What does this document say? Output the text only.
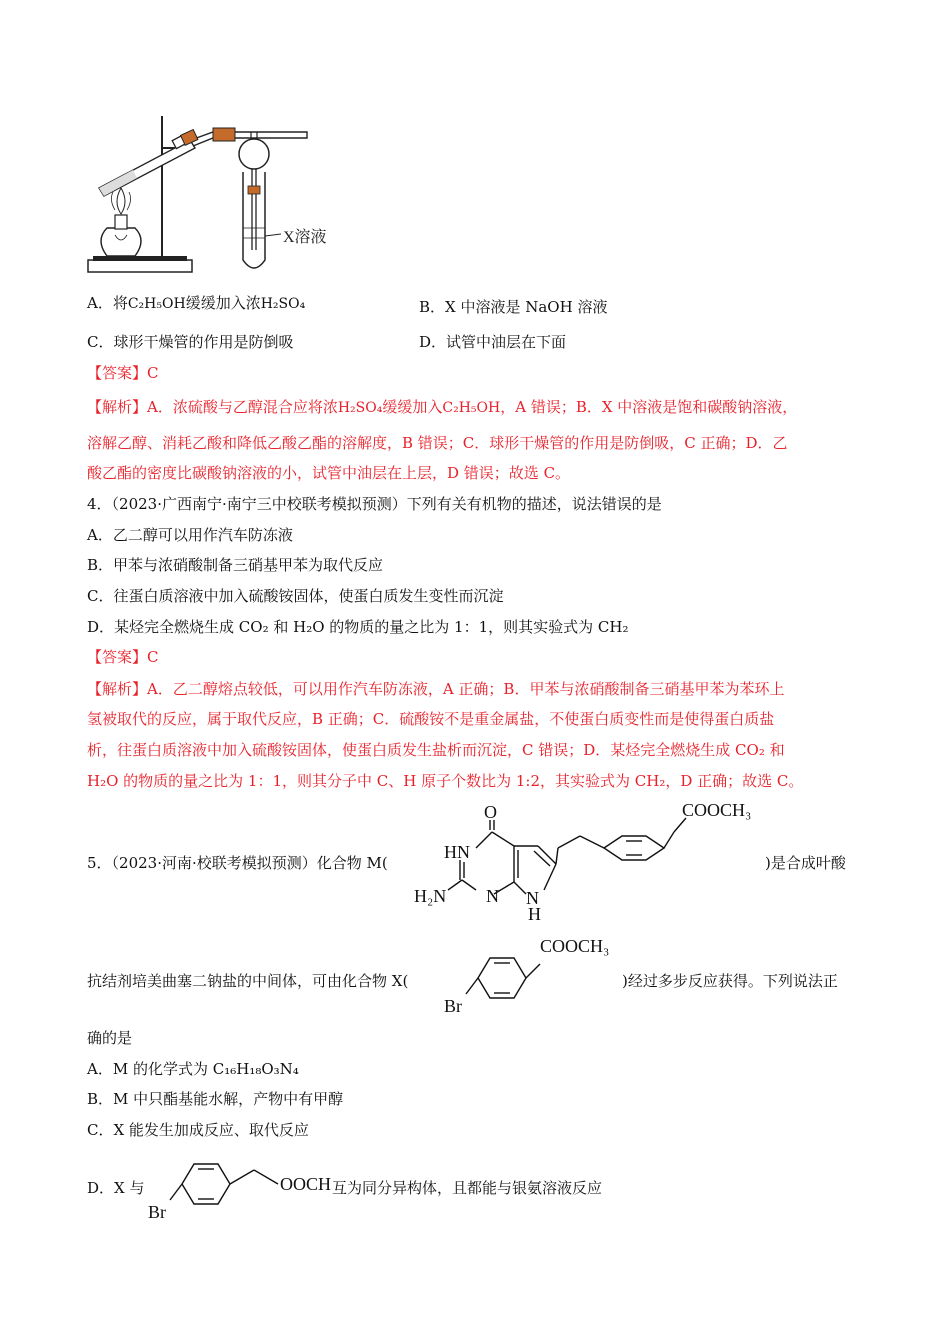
X溶液
A．将C₂H₅OH缓缓加入浓H₂SO₄	B．X 中溶液是 NaOH 溶液
C．球形干燥管的作用是防倒吸	D．试管中油层在下面
【答案】C
【解析】A．浓硫酸与乙醇混合应将浓H₂SO₄缓缓加入C₂H₅OH，A 错误；B．X 中溶液是饱和碳酸钠溶液，
溶解乙醇、消耗乙酸和降低乙酸乙酯的溶解度，B 错误；C．球形干燥管的作用是防倒吸，C 正确；D．乙
酸乙酯的密度比碳酸钠溶液的小，试管中油层在上层，D 错误；故选 C。
4．（2023·广西南宁·南宁三中校联考模拟预测）下列有关有机物的描述，说法错误的是
A．乙二醇可以用作汽车防冻液
B．甲苯与浓硝酸制备三硝基甲苯为取代反应
C．往蛋白质溶液中加入硫酸铵固体，使蛋白质发生变性而沉淀
D．某烃完全燃烧生成 CO₂ 和 H₂O 的物质的量之比为 1：1，则其实验式为 CH₂
【答案】C
【解析】A．乙二醇熔点较低，可以用作汽车防冻液，A 正确；B．甲苯与浓硝酸制备三硝基甲苯为苯环上
氢被取代的反应，属于取代反应，B 正确；C．硫酸铵不是重金属盐，不使蛋白质变性而是使得蛋白质盐
析，往蛋白质溶液中加入硫酸铵固体，使蛋白质发生盐析而沉淀，C 错误；D．某烃完全燃烧生成 CO₂ 和
H₂O 的物质的量之比为 1：1，则其分子中 C、H 原子个数比为 1:2，其实验式为 CH₂，D 正确；故选 C。
5．（2023·河南·校联考模拟预测）化合物 M(
O
HN
H₂N N N
H
COOCH₃
)是合成叶酸
抗结剂培美曲塞二钠盐的中间体，可由化合物 X(
COOCH₃
Br
)经过多步反应获得。下列说法正
确的是
A．M 的化学式为 C₁₆H₁₈O₃N₄
B．M 中只酯基能水解，产物中有甲醇
C．X 能发生加成反应、取代反应
D．X 与	OOCH
Br
互为同分异构体，且都能与银氨溶液反应
